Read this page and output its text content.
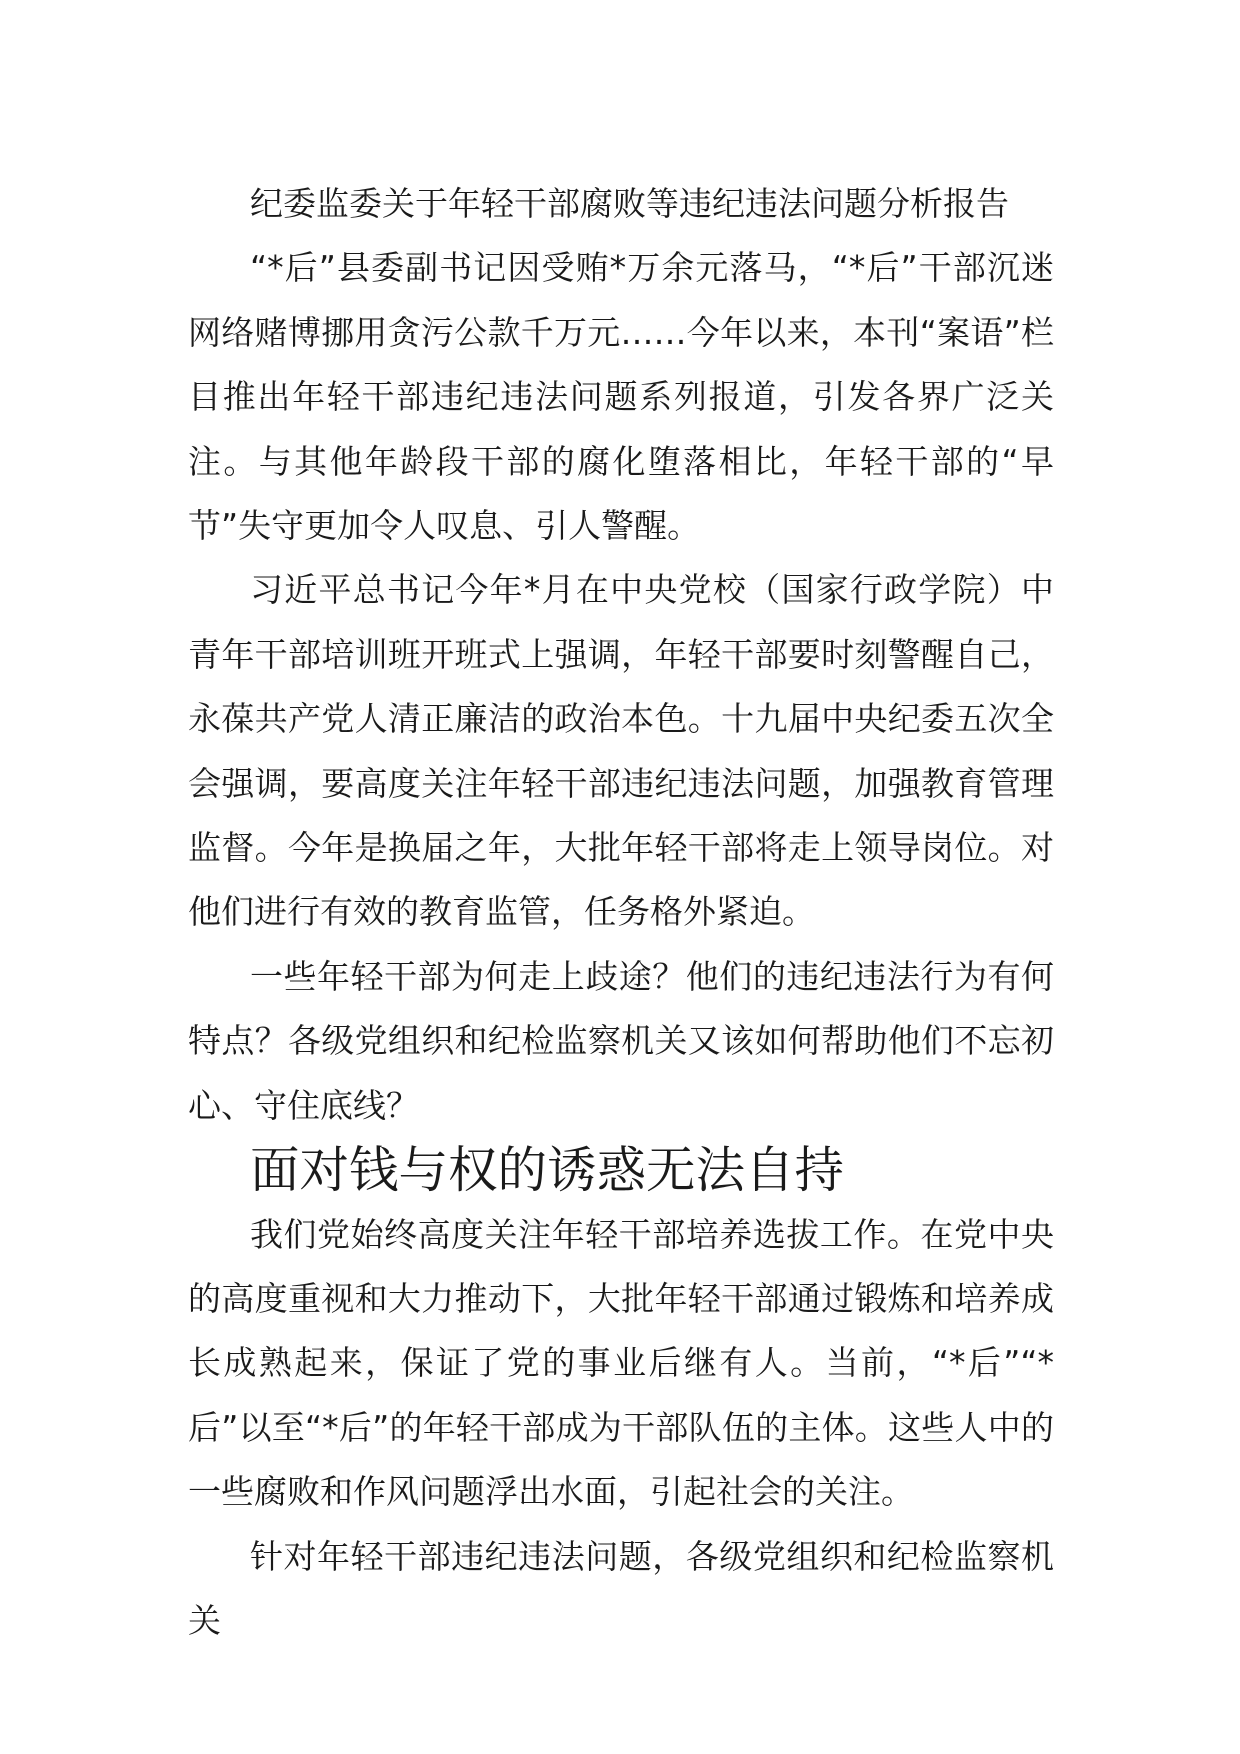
纪委监委关于年轻干部腐败等违纪违法问题分析报告

“*后”县委副书记因受贿*万余元落马，“*后”干部沉迷网络赌博挪用贪污公款千万元……今年以来，本刊“案语”栏目推出年轻干部违纪违法问题系列报道，引发各界广泛关注。与其他年龄段干部的腐化堕落相比，年轻干部的“早节”失守更加令人叹息、引人警醒。

习近平总书记今年*月在中央党校（国家行政学院）中青年干部培训班开班式上强调，年轻干部要时刻警醒自己，永葆共产党人清正廉洁的政治本色。十九届中央纪委五次全会强调，要高度关注年轻干部违纪违法问题，加强教育管理监督。今年是换届之年，大批年轻干部将走上领导岗位。对他们进行有效的教育监管，任务格外紧迫。

一些年轻干部为何走上歧途？他们的违纪违法行为有何特点？各级党组织和纪检监察机关又该如何帮助他们不忘初心、守住底线？

面对钱与权的诱惑无法自持

我们党始终高度关注年轻干部培养选拔工作。在党中央的高度重视和大力推动下，大批年轻干部通过锻炼和培养成长成熟起来，保证了党的事业后继有人。当前，“*后”“*后”以至“*后”的年轻干部成为干部队伍的主体。这些人中的一些腐败和作风问题浮出水面，引起社会的关注。

针对年轻干部违纪违法问题，各级党组织和纪检监察机关
